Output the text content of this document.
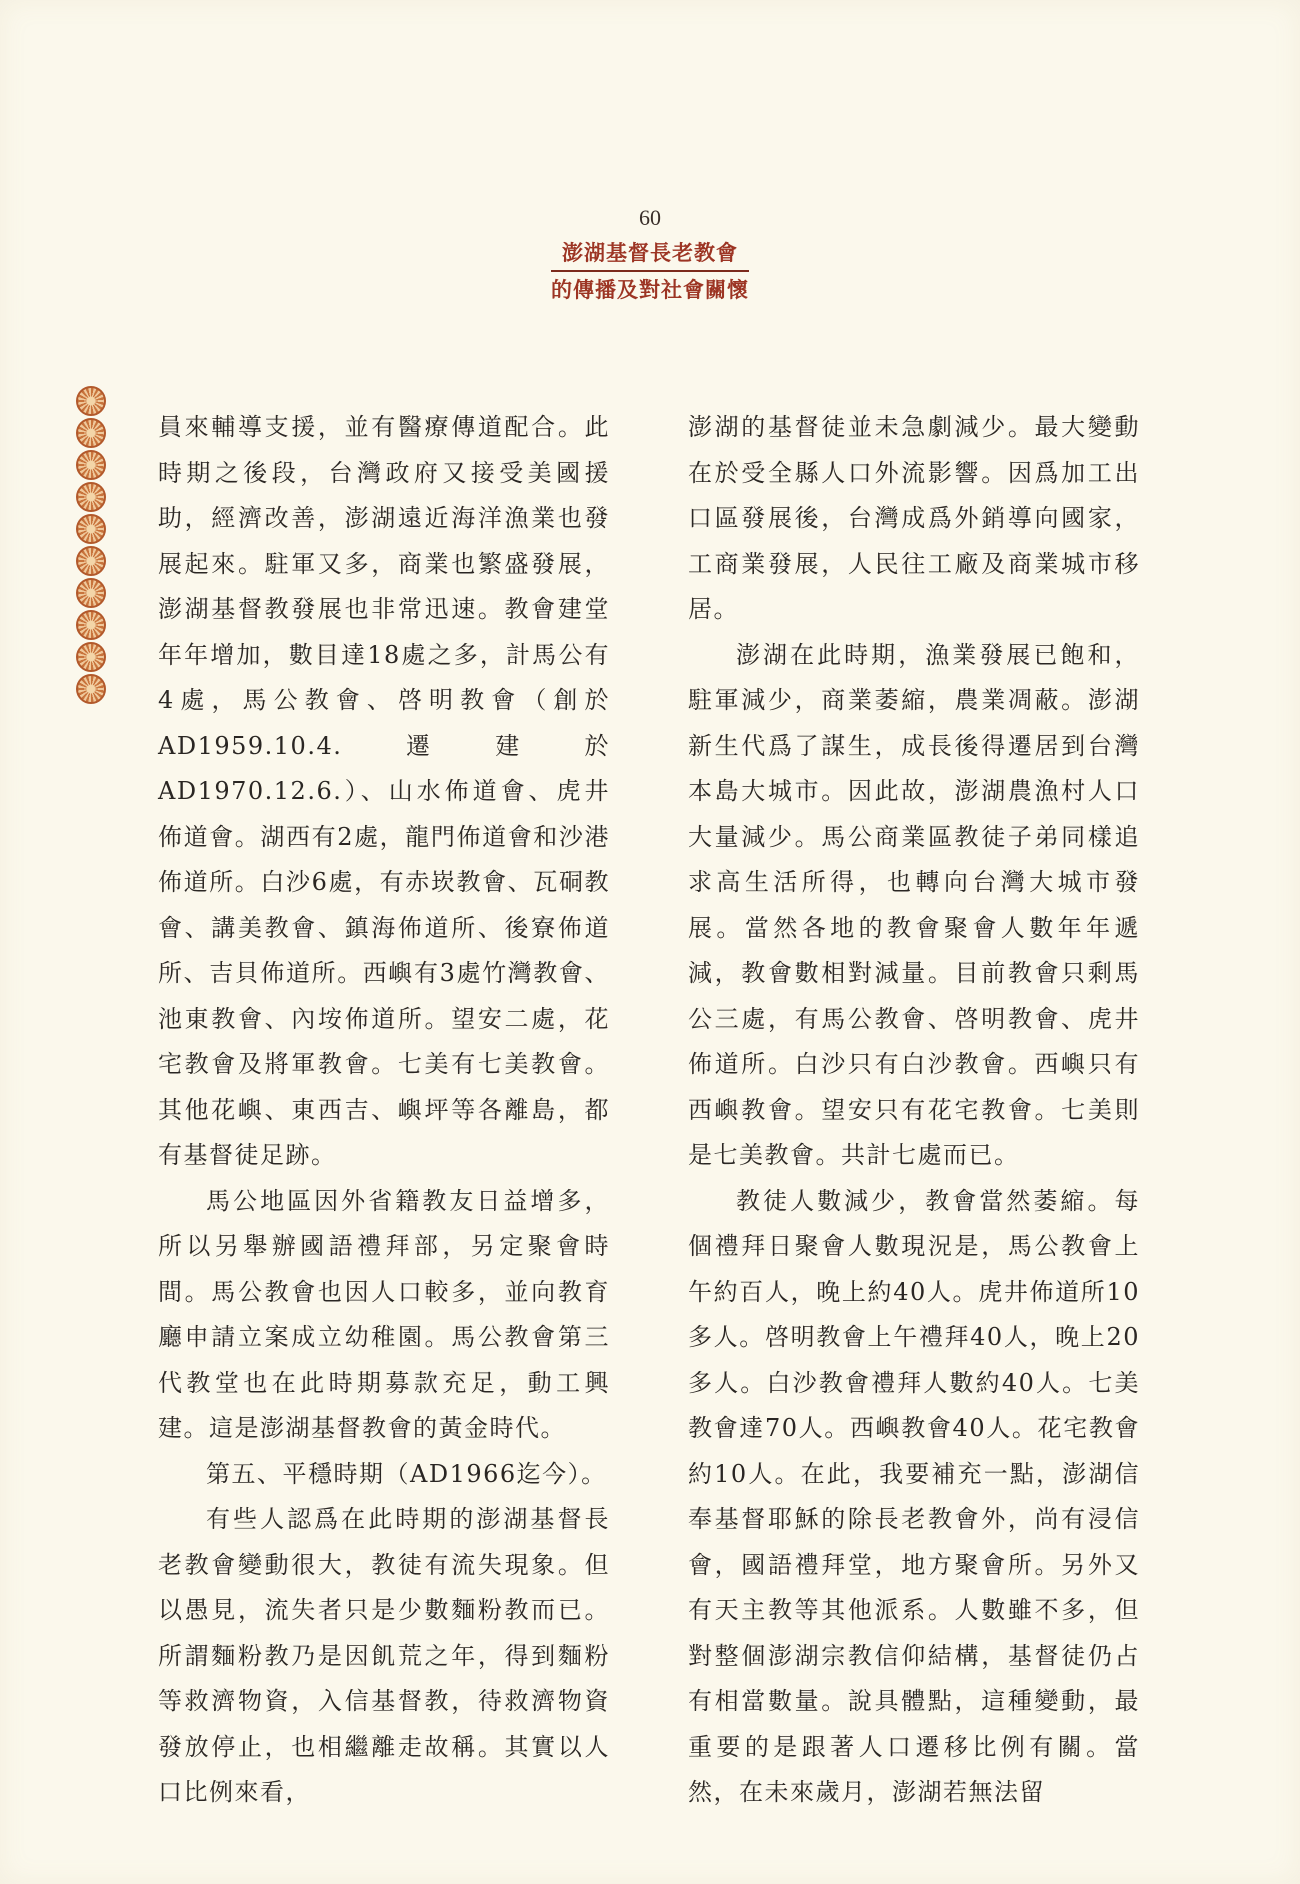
60
澎湖基督長老教會
的傳播及對社會關懷

員來輔導支援，並有醫療傳道配合。此時期之後段，台灣政府又接受美國援助，經濟改善，澎湖遠近海洋漁業也發展起來。駐軍又多，商業也繁盛發展，澎湖基督教發展也非常迅速。教會建堂年年增加，數目達18處之多，計馬公有4處，馬公教會、啓明教會（創於AD1959.10.4.遷建於AD1970.12.6.）、山水佈道會、虎井佈道會。湖西有2處，龍門佈道會和沙港佈道所。白沙6處，有赤崁教會、瓦硐教會、講美教會、鎮海佈道所、後寮佈道所、吉貝佈道所。西嶼有3處竹灣教會、池東教會、內垵佈道所。望安二處，花宅教會及將軍教會。七美有七美教會。其他花嶼、東西吉、嶼坪等各離島，都有基督徒足跡。

馬公地區因外省籍教友日益增多，所以另舉辦國語禮拜部，另定聚會時間。馬公教會也因人口較多，並向教育廳申請立案成立幼稚園。馬公教會第三代教堂也在此時期募款充足，動工興建。這是澎湖基督教會的黃金時代。

第五、平穩時期（AD1966迄今）。

有些人認爲在此時期的澎湖基督長老教會變動很大，教徒有流失現象。但以愚見，流失者只是少數麵粉教而已。所謂麵粉教乃是因飢荒之年，得到麵粉等救濟物資，入信基督教，待救濟物資發放停止，也相繼離走故稱。其實以人口比例來看，

澎湖的基督徒並未急劇減少。最大變動在於受全縣人口外流影響。因爲加工出口區發展後，台灣成爲外銷導向國家，工商業發展，人民往工廠及商業城市移居。

澎湖在此時期，漁業發展已飽和，駐軍減少，商業萎縮，農業凋蔽。澎湖新生代爲了謀生，成長後得遷居到台灣本島大城市。因此故，澎湖農漁村人口大量減少。馬公商業區教徒子弟同樣追求高生活所得，也轉向台灣大城市發展。當然各地的教會聚會人數年年遞減，教會數相對減量。目前教會只剩馬公三處，有馬公教會、啓明教會、虎井佈道所。白沙只有白沙教會。西嶼只有西嶼教會。望安只有花宅教會。七美則是七美教會。共計七處而已。

教徒人數減少，教會當然萎縮。每個禮拜日聚會人數現況是，馬公教會上午約百人，晚上約40人。虎井佈道所10多人。啓明教會上午禮拜40人，晚上20多人。白沙教會禮拜人數約40人。七美教會達70人。西嶼教會40人。花宅教會約10人。在此，我要補充一點，澎湖信奉基督耶穌的除長老教會外，尚有浸信會，國語禮拜堂，地方聚會所。另外又有天主教等其他派系。人數雖不多，但對整個澎湖宗教信仰結構，基督徒仍占有相當數量。說具體點，這種變動，最重要的是跟著人口遷移比例有關。當然，在未來歲月，澎湖若無法留
